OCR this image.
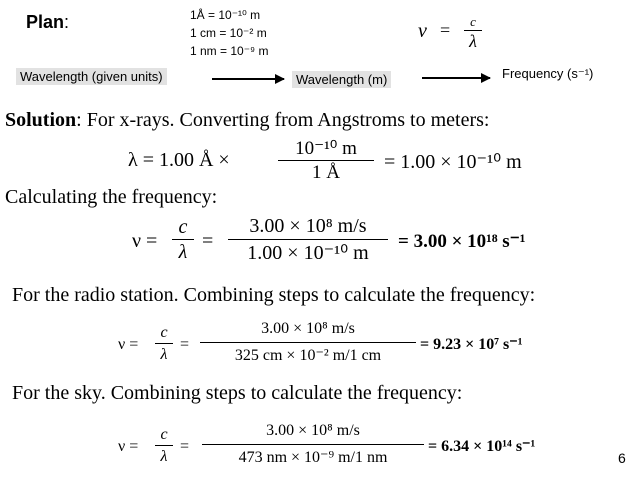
Plan:	1Å = 10⁻¹⁰ m
1 cm = 10⁻² m
1 nm = 10⁻⁹ m
ν =	c
λ
Wavelength (given units)	Wavelength (m)	Frequency (s⁻¹)
Solution: For x-rays. Converting from Angstroms to meters:
λ = 1.00 Å ×	$\frac{\text{10⁻¹⁰ m}}{1 Å} = 1.00 \times 10^{-10}$ m
Calculating the frequency:
$\nu = \frac{c}{\lambda} = \frac{\text{3.00 × 10⁸ m/s}}{\text{1.00 × 10⁻¹⁰ m}} = 3.00 \times 10^{18}$ s⁻¹
For the radio station. Combining steps to calculate the frequency:
$\nu = \frac{c}{\lambda} = \frac{\text{3.00 × 10⁸ m/s}}{\text{325 cm × 10⁻² m/1 cm}} = 9.23 \times 10^7$ s⁻¹
For the sky. Combining steps to calculate the frequency:
$\nu = \frac{c}{\lambda} = \frac{\text{3.00 × 10⁸ m/s}}{\text{473 nm × 10⁻⁹ m/1 nm}} = 6.34 \times 10^{14}$ s⁻¹
6
